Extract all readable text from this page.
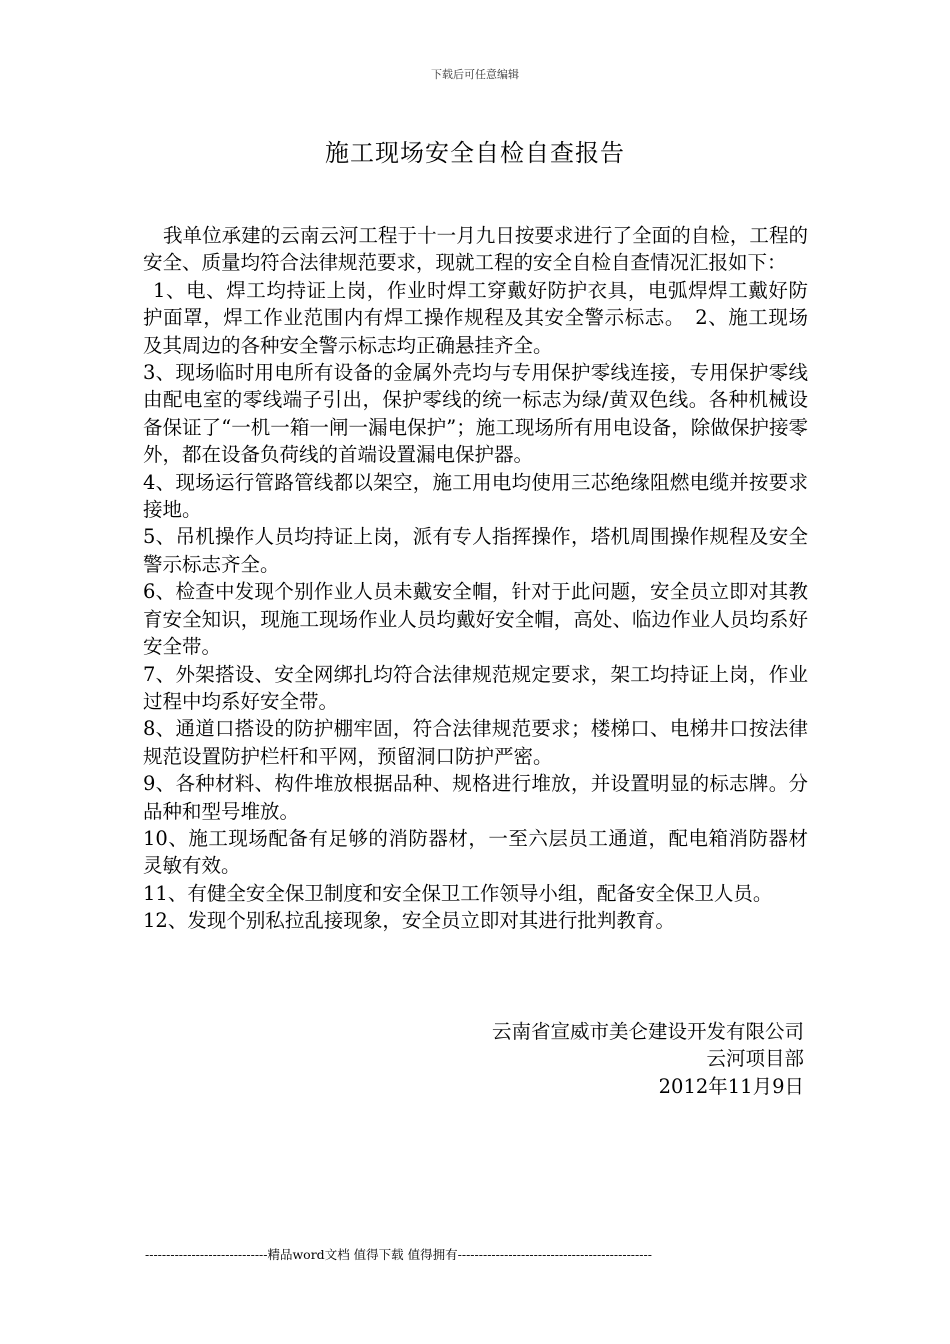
下载后可任意编辑
施工现场安全自检自查报告

我单位承建的云南云河工程于十一月九日按要求进行了全面的自检，工程的安全、质量均符合法律规范要求，现就工程的安全自检自查情况汇报如下：

1、电、焊工均持证上岗，作业时焊工穿戴好防护衣具，电弧焊焊工戴好防护面罩，焊工作业范围内有焊工操作规程及其安全警示标志。　2、施工现场及其周边的各种安全警示标志均正确悬挂齐全。

3、现场临时用电所有设备的金属外壳均与专用保护零线连接，专用保护零线由配电室的零线端子引出，保护零线的统一标志为绿/黄双色线。各种机械设备保证了“一机一箱一闸一漏电保护”；施工现场所有用电设备，除做保护接零外，都在设备负荷线的首端设置漏电保护器。

4、现场运行管路管线都以架空，施工用电均使用三芯绝缘阻燃电缆并按要求接地。

5、吊机操作人员均持证上岗，派有专人指挥操作，塔机周围操作规程及安全警示标志齐全。

6、检查中发现个别作业人员未戴安全帽，针对于此问题，安全员立即对其教育安全知识，现施工现场作业人员均戴好安全帽，高处、临边作业人员均系好安全带。

7、外架搭设、安全网绑扎均符合法律规范规定要求，架工均持证上岗，作业过程中均系好安全带。

8、通道口搭设的防护棚牢固，符合法律规范要求；楼梯口、电梯井口按法律规范设置防护栏杆和平网，预留洞口防护严密。

9、各种材料、构件堆放根据品种、规格进行堆放，并设置明显的标志牌。分品种和型号堆放。

10、施工现场配备有足够的消防器材，一至六层员工通道，配电箱消防器材灵敏有效。

11、有健全安全保卫制度和安全保卫工作领导小组，配备安全保卫人员。

12、发现个别私拉乱接现象，安全员立即对其进行批判教育。

云南省宣威市美仑建设开发有限公司
云河项目部
2012年11月9日
-----------------------------精品word文档 值得下载 值得拥有----------------------------------------------
